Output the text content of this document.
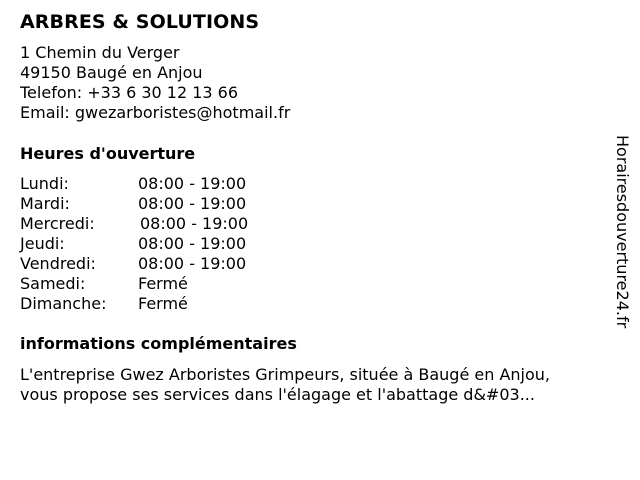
ARBRES & SOLUTIONS
1 Chemin du Verger
49150 Baugé en Anjou
Telefon: +33 6 30 12 13 66
Email: gwezarboristes@hotmail.fr
Heures d'ouverture
Lundi:	08:00 - 19:00
Mardi:	08:00 - 19:00
Mercredi:	08:00 - 19:00
Jeudi:	08:00 - 19:00
Vendredi:	08:00 - 19:00
Samedi:	Fermé
Dimanche: Fermé
informations complémentaires
L'entreprise Gwez Arboristes Grimpeurs, située à Baugé en Anjou,
vous propose ses services dans l'élagage et l'abattage d&#03...
Horairesdouverture24.fr
